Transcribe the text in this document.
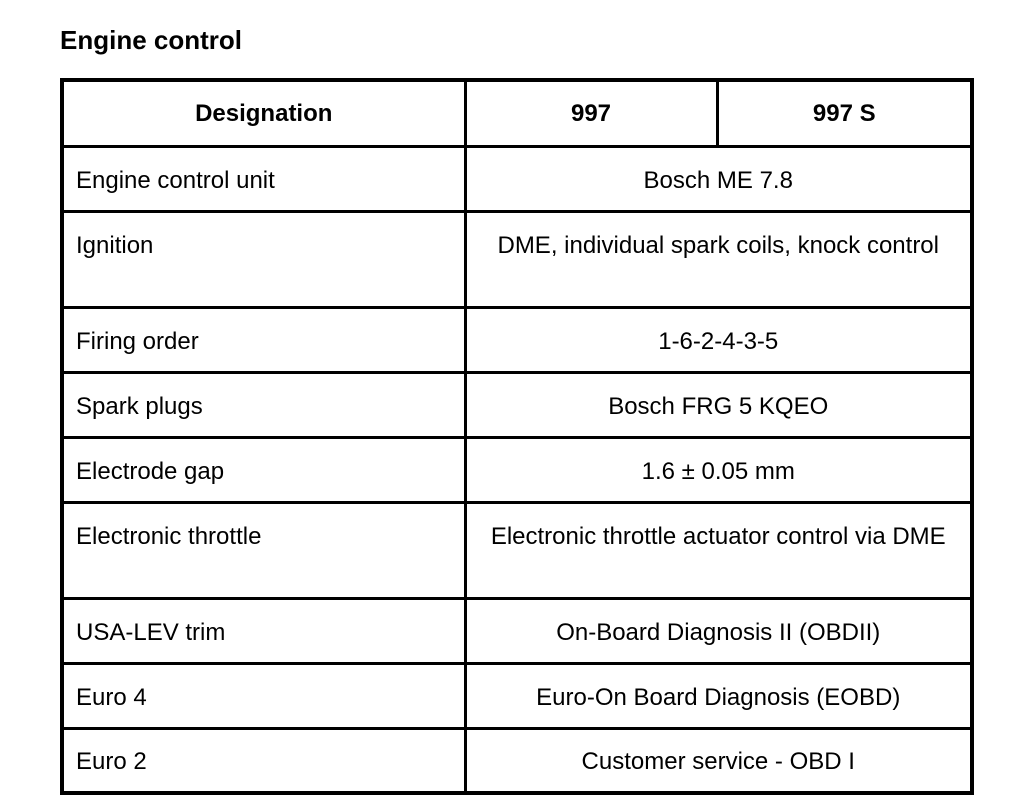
Engine control
Designation	997	997 S
Engine control unit	Bosch ME 7.8	
Ignition	DME, individual spark coils, knock control	
Firing order	1-6-2-4-3-5	
Spark plugs	Bosch FRG 5 KQEO	
Electrode gap	1.6 ± 0.05 mm	
Electronic throttle	Electronic throttle actuator control via DME	
USA-LEV trim	On-Board Diagnosis II (OBDII)	
Euro 4	Euro-On Board Diagnosis (EOBD)	
Euro 2	Customer service - OBD I	
